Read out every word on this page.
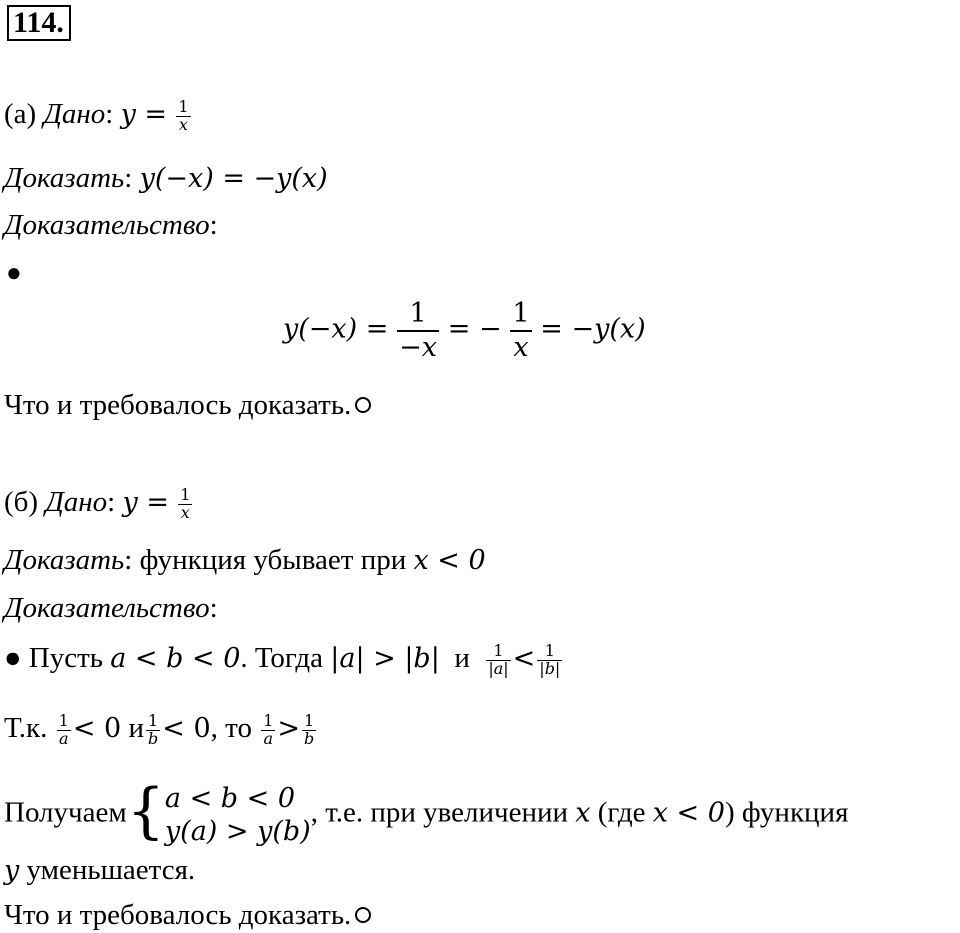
114.
(а) Дано: $y = \frac{1}{x}$
Доказать: y(−x) = −y(x)
Доказательство:
●
$y(-x) = \frac{1}{-x}$ = − $\frac{1}{x} = -y(x)$
Что и требовалось доказать.
(б) Дано: $y = \frac{1}{x}$
Доказать: функция убывает при x < 0
Доказательство:
● Пусть a < b < 0. Тогда |a| > |b| и $\frac{1}{|a|} < \frac{1}{|b|}$
Т.к. $\frac{1}{a} < 0$ и $\frac{1}{b} < 0$, то $\frac{1}{a} > \frac{1}{b}$
Получаем{ a < b < 0
y(a) > y(b)
, т.е. при увеличении x (где x < 0) функция
y уменьшается.
Что и требовалось доказать.
